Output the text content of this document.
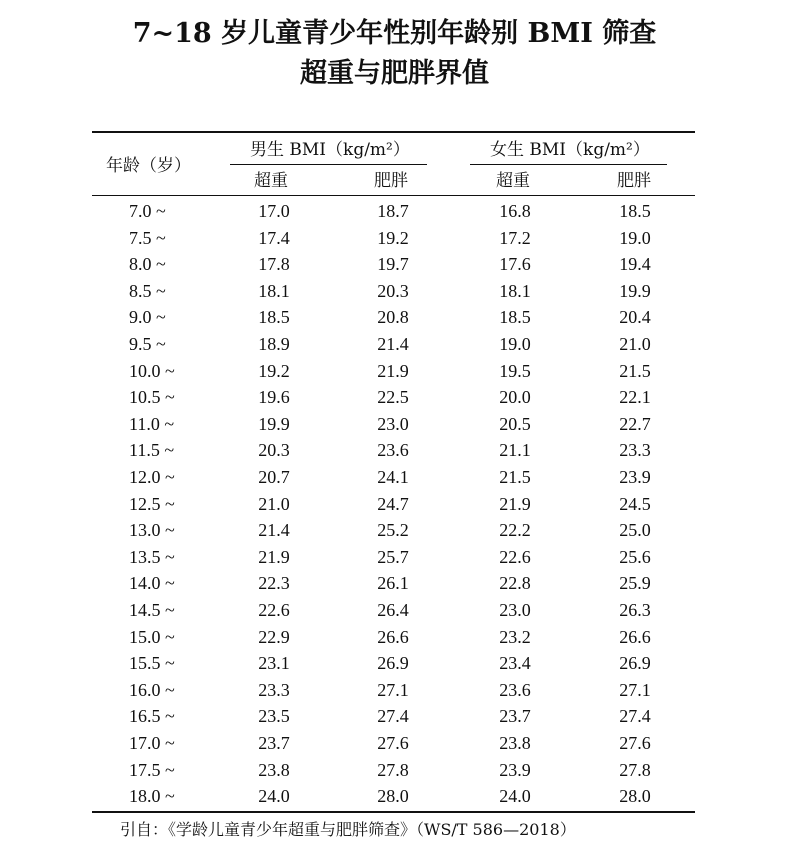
7~18 岁儿童青少年性别年龄别 BMI 筛查
超重与肥胖界值
年龄（岁）
男生 BMI（kg/m²）	女生 BMI（kg/m²）
超重	肥胖	超重	肥胖
7.0 ~	17.0	18.7	16.8	18.5
7.5 ~	17.4	19.2	17.2	19.0
8.0 ~	17.8	19.7	17.6	19.4
8.5 ~	18.1	20.3	18.1	19.9
9.0 ~	18.5	20.8	18.5	20.4
9.5 ~	18.9	21.4	19.0	21.0
10.0 ~	19.2	21.9	19.5	21.5
10.5 ~	19.6	22.5	20.0	22.1
11.0 ~	19.9	23.0	20.5	22.7
11.5 ~	20.3	23.6	21.1	23.3
12.0 ~	20.7	24.1	21.5	23.9
12.5 ~	21.0	24.7	21.9	24.5
13.0 ~	21.4	25.2	22.2	25.0
13.5 ~	21.9	25.7	22.6	25.6
14.0 ~	22.3	26.1	22.8	25.9
14.5 ~	22.6	26.4	23.0	26.3
15.0 ~	22.9	26.6	23.2	26.6
15.5 ~	23.1	26.9	23.4	26.9
16.0 ~	23.3	27.1	23.6	27.1
16.5 ~	23.5	27.4	23.7	27.4
17.0 ~	23.7	27.6	23.8	27.6
17.5 ~	23.8	27.8	23.9	27.8
18.0 ~	24.0	28.0	24.0	28.0
引自：《学龄儿童青少年超重与肥胖筛查》（WS/T 586—2018）
